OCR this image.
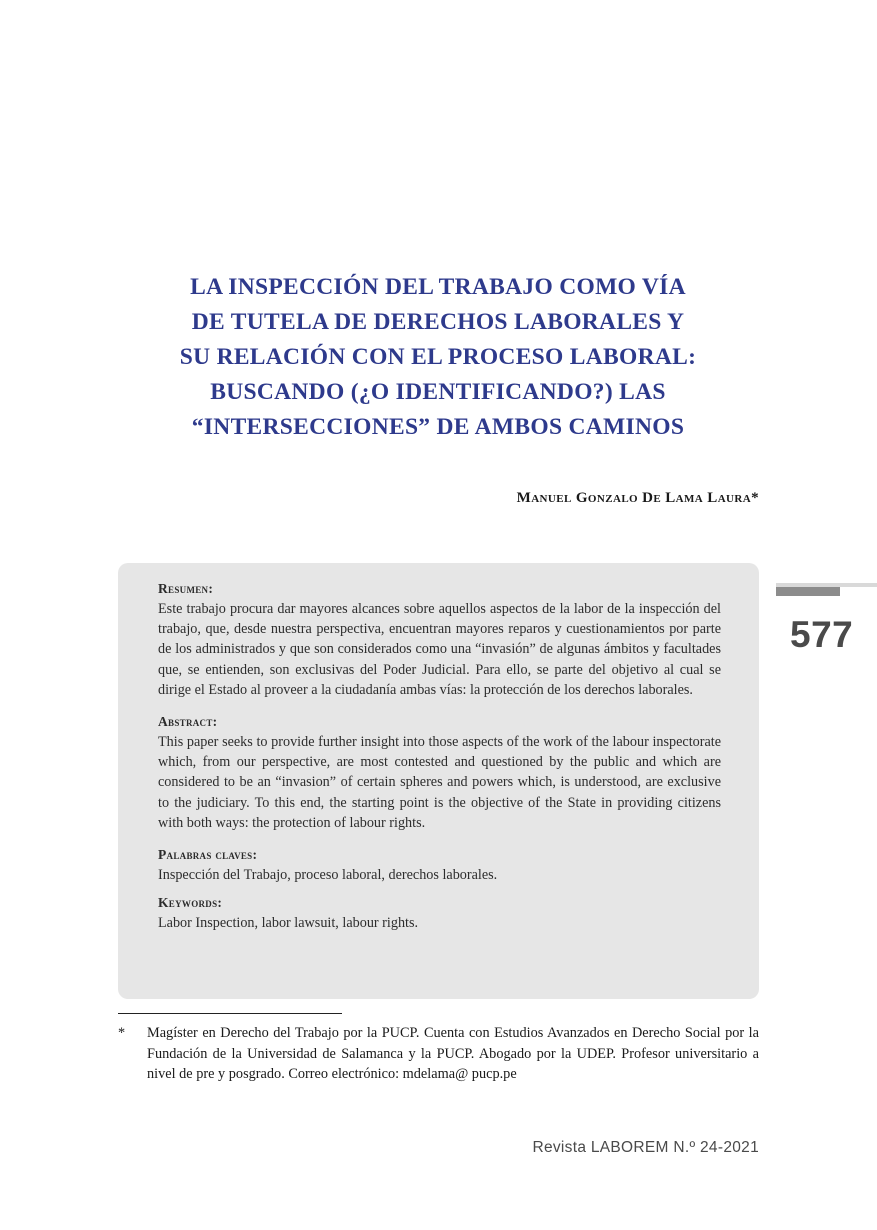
LA INSPECCIÓN DEL TRABAJO COMO VÍA
DE TUTELA DE DERECHOS LABORALES Y
SU RELACIÓN CON EL PROCESO LABORAL:
BUSCANDO (¿O IDENTIFICANDO?) LAS
“INTERSECCIONES” DE AMBOS CAMINOS
Manuel Gonzalo De Lama Laura*

Resumen:

Este trabajo procura dar mayores alcances sobre aquellos aspectos de la labor de la inspección del trabajo, que, desde nuestra perspectiva, encuentran mayores reparos y cuestionamientos por parte de los administrados y que son considerados como una “invasión” de algunas ámbitos y facultades que, se entienden, son exclusivas del Poder Judicial. Para ello, se parte del objetivo al cual se dirige el Estado al proveer a la ciudadanía ambas vías: la protección de los derechos laborales.

Abstract:

This paper seeks to provide further insight into those aspects of the work of the labour inspectorate which, from our perspective, are most contested and questioned by the public and which are considered to be an “invasion” of certain spheres and powers which, is understood, are exclusive to the judiciary. To this end, the starting point is the objective of the State in providing citizens with both ways: the protection of labour rights.

Palabras claves:

Inspección del Trabajo, proceso laboral, derechos laborales.

Keywords:

Labor Inspection, labor lawsuit, labour rights.

577
* Magíster en Derecho del Trabajo por la PUCP. Cuenta con Estudios Avanzados en Derecho Social por la Fundación de la Universidad de Salamanca y la PUCP. Abogado por la UDEP. Profesor universitario a nivel de pre y posgrado. Correo electrónico: mdelama@ pucp.pe
Revista LABOREM N.º 24-2021
